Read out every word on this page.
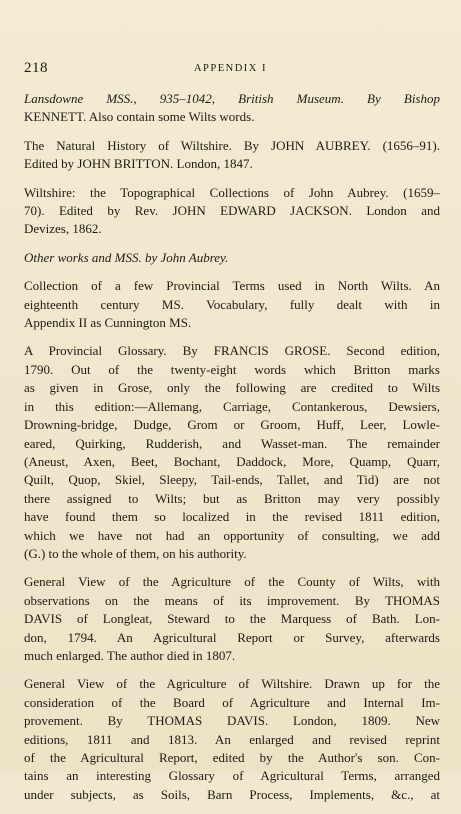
218	APPENDIX I

Lansdowne MSS., 935–1042, British Museum. By Bishop
KENNETT. Also contain some Wilts words.

The Natural History of Wiltshire. By JOHN AUBREY. (1656–91).
Edited by JOHN BRITTON. London, 1847.

Wiltshire: the Topographical Collections of John Aubrey. (1659–
70). Edited by Rev. JOHN EDWARD JACKSON. London and
Devizes, 1862.

Other works and MSS. by John Aubrey.

Collection of a few Provincial Terms used in North Wilts. An
eighteenth century MS. Vocabulary, fully dealt with in
Appendix II as Cunnington MS.

A Provincial Glossary. By FRANCIS GROSE. Second edition,
1790. Out of the twenty-eight words which Britton marks
as given in Grose, only the following are credited to Wilts
in this edition:—Allemang, Carriage, Contankerous, Dewsiers,
Drowning-bridge, Dudge, Grom or Groom, Huff, Leer, Lowle-
eared, Quirking, Rudderish, and Wasset-man. The remainder
(Aneust, Axen, Beet, Bochant, Daddock, More, Quamp, Quarr,
Quilt, Quop, Skiel, Sleepy, Tail-ends, Tallet, and Tid) are not
there assigned to Wilts; but as Britton may very possibly
have found them so localized in the revised 1811 edition,
which we have not had an opportunity of consulting, we add
(G.) to the whole of them, on his authority.

General View of the Agriculture of the County of Wilts, with
observations on the means of its improvement. By THOMAS
DAVIS of Longleat, Steward to the Marquess of Bath. Lon-
don, 1794. An Agricultural Report or Survey, afterwards
much enlarged. The author died in 1807.

General View of the Agriculture of Wiltshire. Drawn up for the
consideration of the Board of Agriculture and Internal Im-
provement. By THOMAS DAVIS. London, 1809. New
editions, 1811 and 1813. An enlarged and revised reprint
of the Agricultural Report, edited by the Author's son. Con-
tains an interesting Glossary of Agricultural Terms, arranged
under subjects, as Soils, Barn Process, Implements, &c., at
